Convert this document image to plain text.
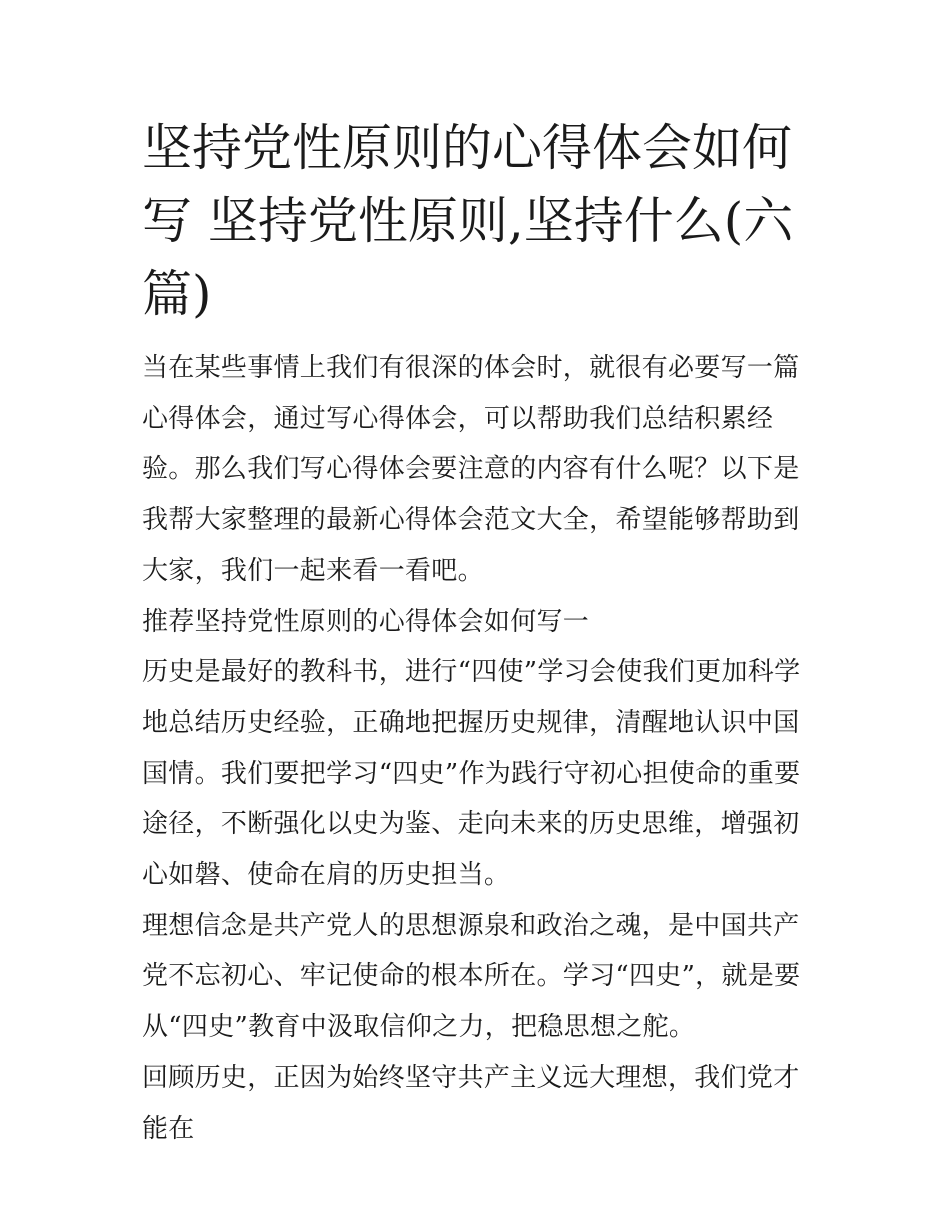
坚持党性原则的心得体会如何写 坚持党性原则,坚持什么(六篇)

当在某些事情上我们有很深的体会时，就很有必要写一篇心得体会，通过写心得体会，可以帮助我们总结积累经验。那么我们写心得体会要注意的内容有什么呢？以下是我帮大家整理的最新心得体会范文大全，希望能够帮助到大家，我们一起来看一看吧。

推荐坚持党性原则的心得体会如何写一

历史是最好的教科书，进行“四使”学习会使我们更加科学地总结历史经验，正确地把握历史规律，清醒地认识中国国情。我们要把学习“四史”作为践行守初心担使命的重要途径，不断强化以史为鉴、走向未来的历史思维，增强初心如磐、使命在肩的历史担当。

理想信念是共产党人的思想源泉和政治之魂，是中国共产党不忘初心、牢记使命的根本所在。学习“四史”，就是要从“四史”教育中汲取信仰之力，把稳思想之舵。

回顾历史，正因为始终坚守共产主义远大理想，我们党才能在
